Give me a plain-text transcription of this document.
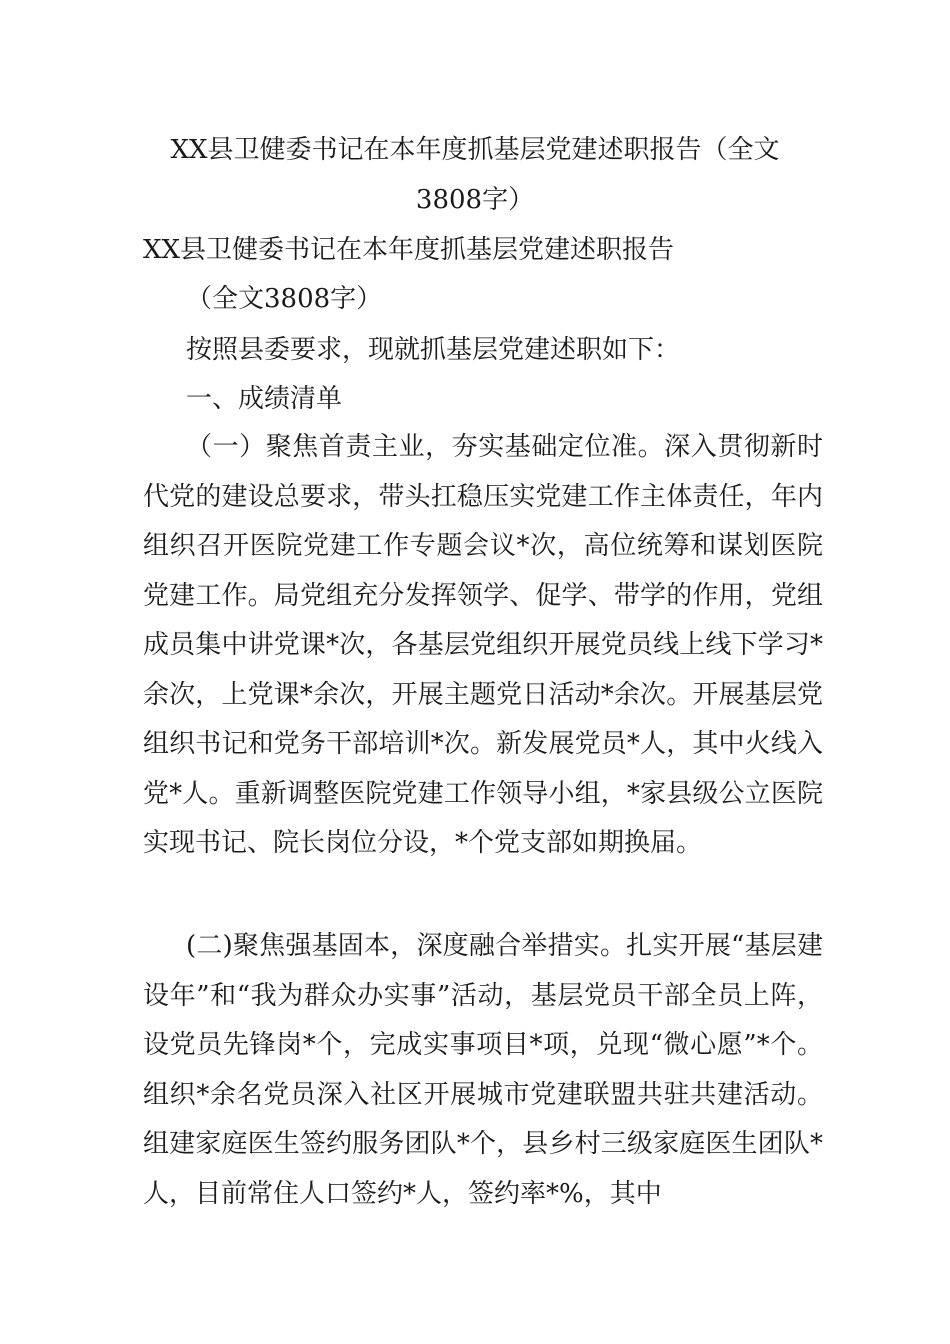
XX县卫健委书记在本年度抓基层党建述职报告（全文
3808字）
XX县卫健委书记在本年度抓基层党建述职报告
（全文3808字）
按照县委要求，现就抓基层党建述职如下：
一、成绩清单

（一）聚焦首责主业，夯实基础定位准。深入贯彻新时代党的建设总要求，带头扛稳压实党建工作主体责任，年内组织召开医院党建工作专题会议*次，高位统筹和谋划医院党建工作。局党组充分发挥领学、促学、带学的作用，党组成员集中讲党课*次，各基层党组织开展党员线上线下学习*余次，上党课*余次，开展主题党日活动*余次。开展基层党组织书记和党务干部培训*次。新发展党员*人，其中火线入党*人。重新调整医院党建工作领导小组，*家县级公立医院实现书记、院长岗位分设，*个党支部如期换届。

(二)聚焦强基固本，深度融合举措实。扎实开展“基层建设年”和“我为群众办实事”活动，基层党员干部全员上阵，设党员先锋岗*个，完成实事项目*项，兑现“微心愿”*个。组织*余名党员深入社区开展城市党建联盟共驻共建活动。组建家庭医生签约服务团队*个，县乡村三级家庭医生团队*人，目前常住人口签约*人，签约率*%，其中
